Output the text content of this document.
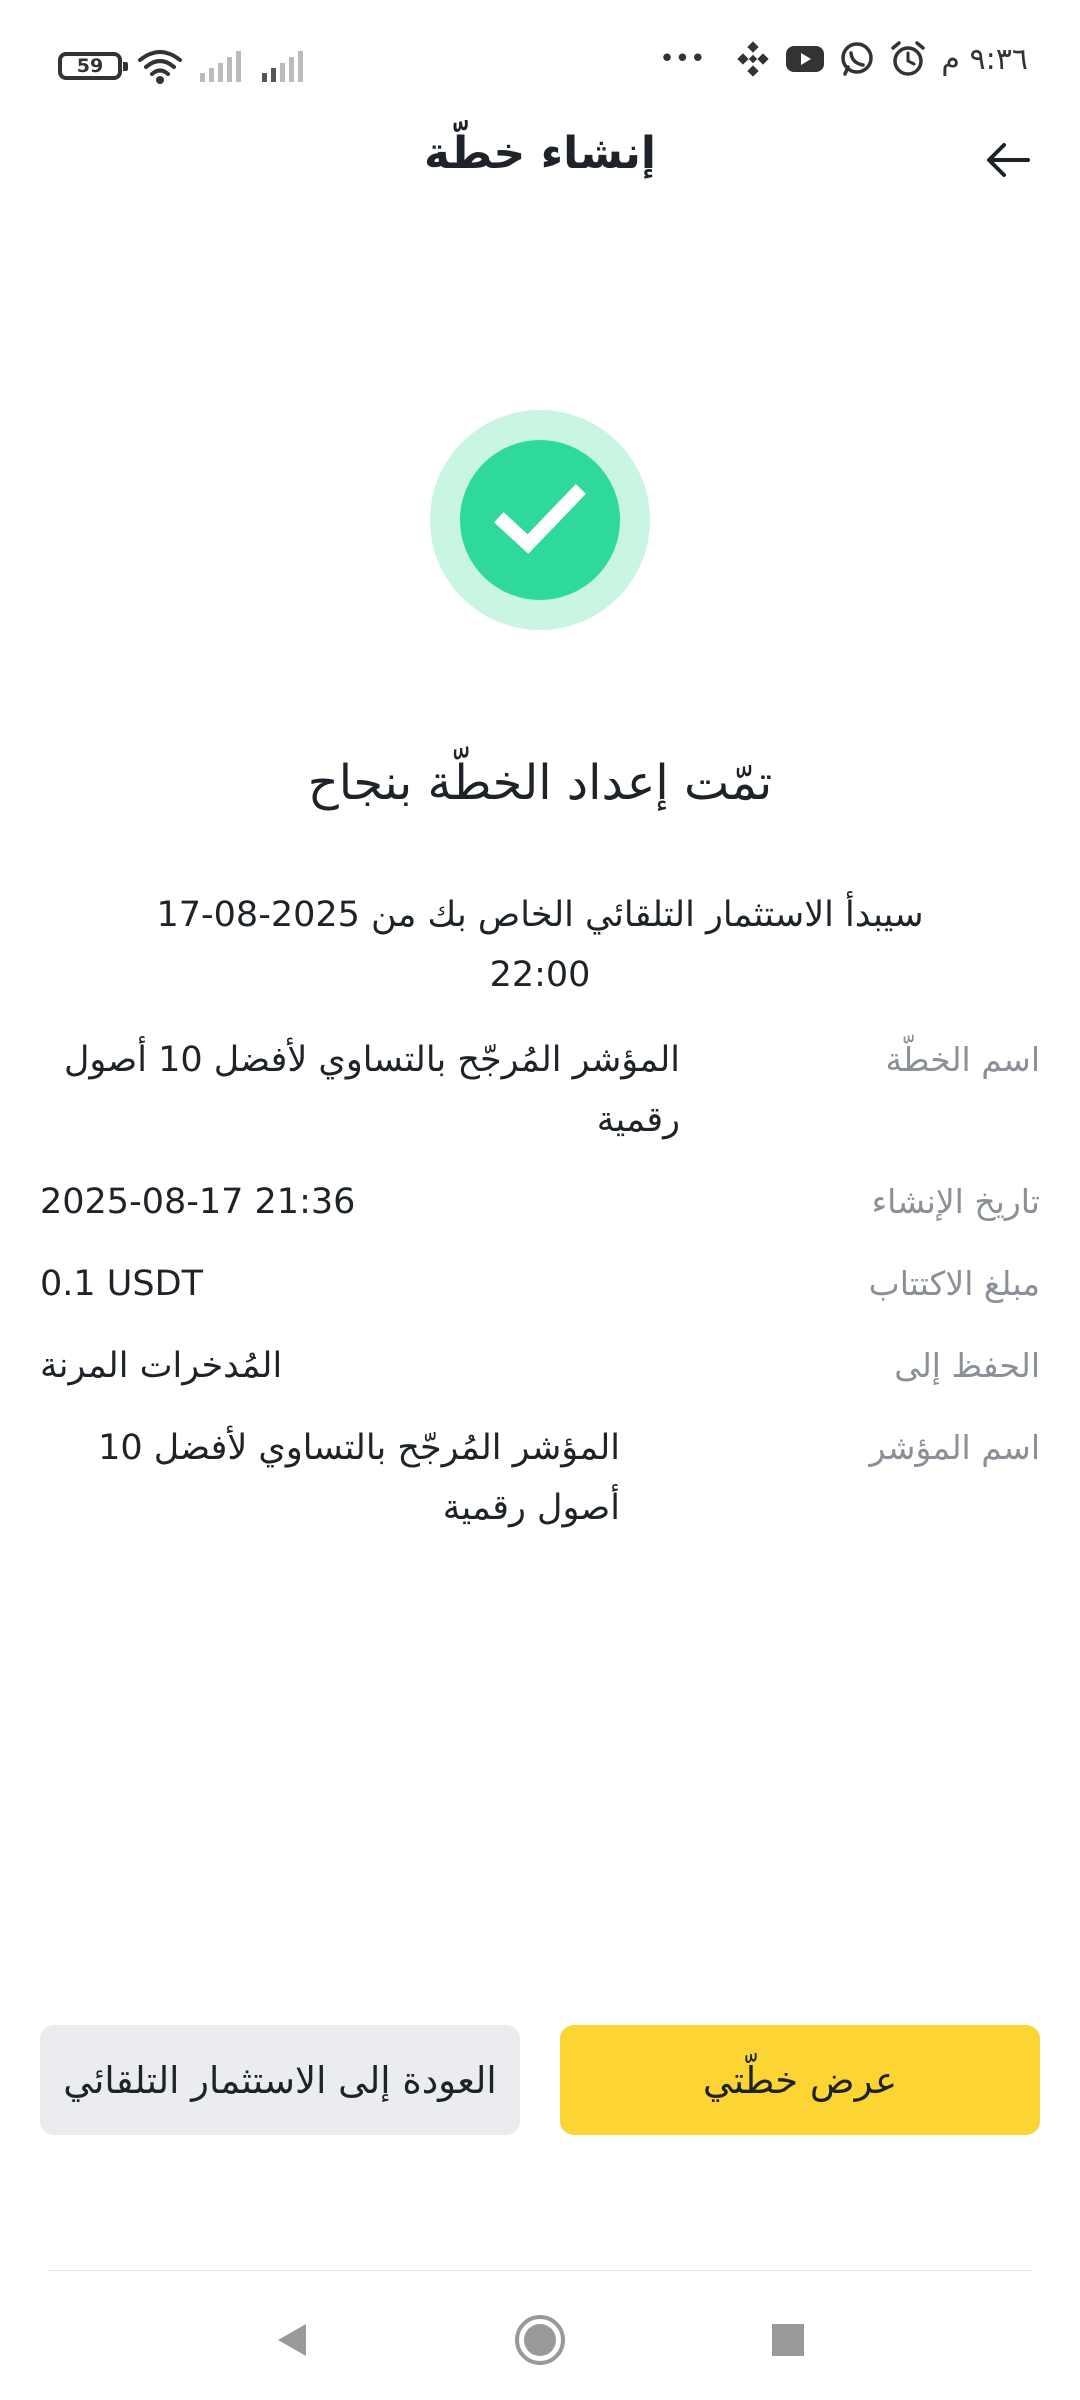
59	•••	٩:٣٦ م
إنشاء خطّة
تمّت إعداد الخطّة بنجاح
سيبدأ الاستثمار التلقائي الخاص بك من 2025-08-17 22:00
اسم الخطّة
المؤشر المُرجّح بالتساوي لأفضل 10 أصول رقمية
تاريخ الإنشاء
2025-08-17 21:36
مبلغ الاكتتاب
0.1 USDT
الحفظ إلى
المُدخرات المرنة
اسم المؤشر
المؤشر المُرجّح بالتساوي لأفضل 10 أصول رقمية
عرض خطّتي
العودة إلى الاستثمار التلقائي
